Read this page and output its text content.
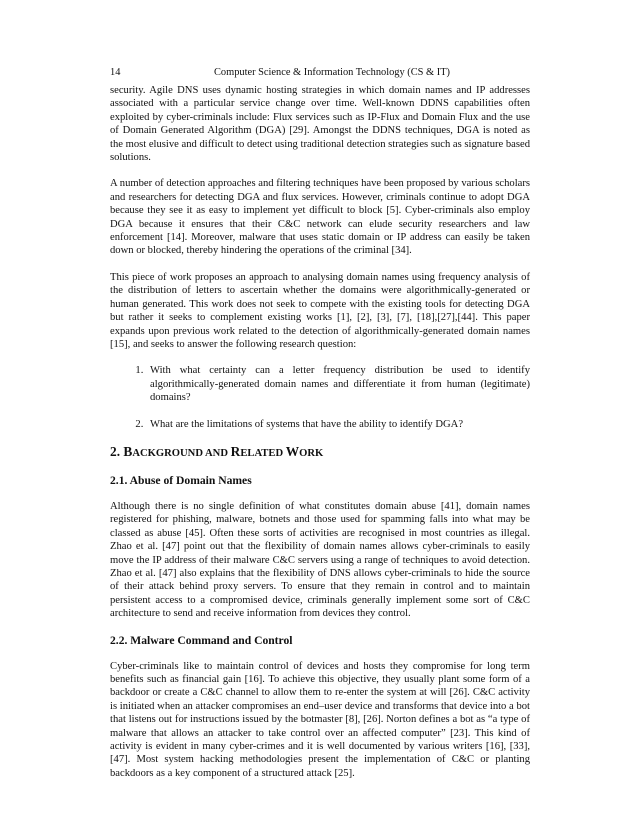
14	Computer Science & Information Technology (CS & IT)

security. Agile DNS uses dynamic hosting strategies in which domain names and IP addresses associated with a particular service change over time. Well-known DDNS capabilities often exploited by cyber-criminals include: Flux services such as IP-Flux and Domain Flux and the use of Domain Generated Algorithm (DGA) [29]. Amongst the DDNS techniques, DGA is noted as the most elusive and difficult to detect using traditional detection strategies such as signature based solutions.

A number of detection approaches and filtering techniques have been proposed by various scholars and researchers for detecting DGA and flux services. However, criminals continue to adopt DGA because they see it as easy to implement yet difficult to block [5]. Cyber-criminals also employ DGA because it ensures that their C&C network can elude security researchers and law enforcement [14]. Moreover, malware that uses static domain or IP address can easily be taken down or blocked, thereby hindering the operations of the criminal [34].

This piece of work proposes an approach to analysing domain names using frequency analysis of the distribution of letters to ascertain whether the domains were algorithmically-generated or human generated. This work does not seek to compete with the existing tools for detecting DGA but rather it seeks to complement existing works [1], [2], [3], [7], [18],[27],[44]. This paper expands upon previous work related to the detection of algorithmically-generated domain names [15], and seeks to answer the following research question:

1. With what certainty can a letter frequency distribution be used to identify algorithmically-generated domain names and differentiate it from human (legitimate) domains?
2. What are the limitations of systems that have the ability to identify DGA?
2. BACKGROUND AND RELATED WORK
2.1. Abuse of Domain Names

Although there is no single definition of what constitutes domain abuse [41], domain names registered for phishing, malware, botnets and those used for spamming falls into what may be classed as abuse [45]. Often these sorts of activities are recognised in most countries as illegal. Zhao et al. [47] point out that the flexibility of domain names allows cyber-criminals to easily move the IP address of their malware C&C servers using a range of techniques to avoid detection. Zhao et al. [47] also explains that the flexibility of DNS allows cyber-criminals to hide the source of their attack behind proxy servers. To ensure that they remain in control and to maintain persistent access to a compromised device, criminals generally implement some sort of C&C architecture to send and receive information from devices they control.

2.2. Malware Command and Control

Cyber-criminals like to maintain control of devices and hosts they compromise for long term benefits such as financial gain [16]. To achieve this objective, they usually plant some form of a backdoor or create a C&C channel to allow them to re-enter the system at will [26]. C&C activity is initiated when an attacker compromises an end–user device and transforms that device into a bot that listens out for instructions issued by the botmaster [8], [26]. Norton defines a bot as “a type of malware that allows an attacker to take control over an affected computer” [23]. This kind of activity is evident in many cyber-crimes and it is well documented by various writers [16], [33], [47]. Most system hacking methodologies present the implementation of C&C or planting backdoors as a key component of a structured attack [25].
